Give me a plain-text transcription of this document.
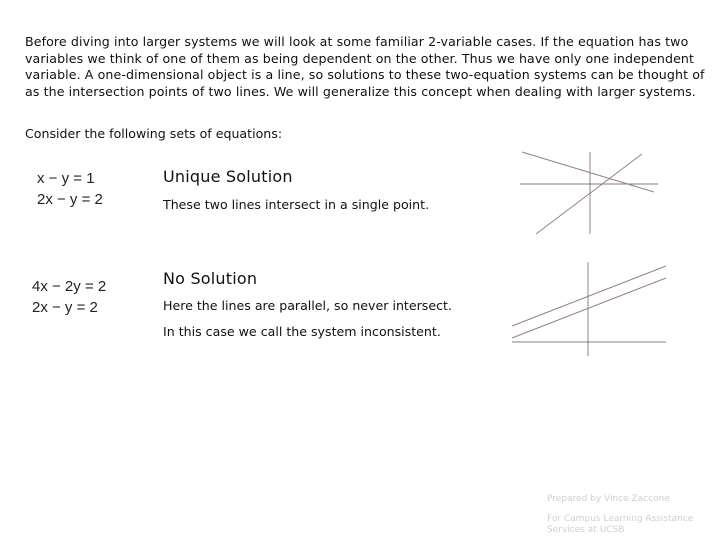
Before diving into larger systems we will look at some familiar 2-variable cases. If the equation has two variables we think of one of them as being dependent on the other. Thus we have only one independent variable. A one-dimensional object is a line, so solutions to these two-equation systems can be thought of as the intersection points of two lines. We will generalize this concept when dealing with larger systems.
Consider the following sets of equations:
x − y = 1
2x − y = 2
Unique Solution
These two lines intersect in a single point.
4x − 2y = 2
2x − y = 2
No Solution
Here the lines are parallel, so never intersect.
In this case we call the system inconsistent.
Prepared by Vince Zaccone
For Campus Learning Assistance Services at UCSB
